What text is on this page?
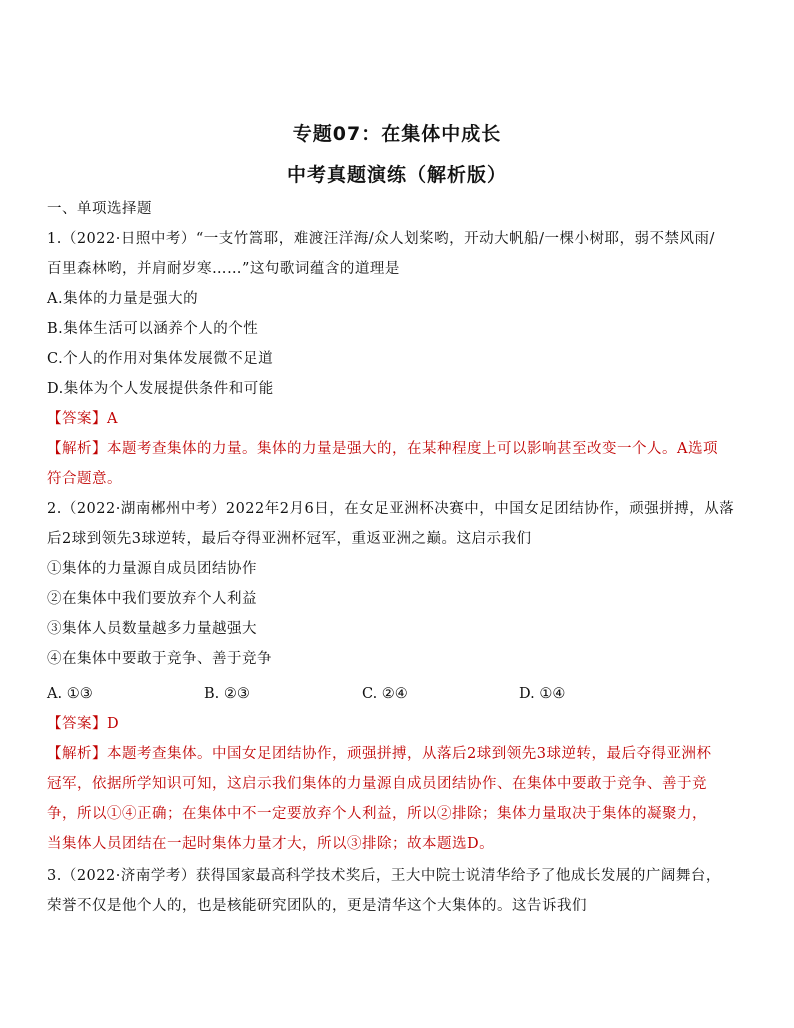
专题07：在集体中成长
中考真题演练（解析版）
一、单项选择题
1.（2022·日照中考）“一支竹篙耶，难渡汪洋海/众人划桨哟，开动大帆船/一棵小树耶，弱不禁风雨/
百里森林哟，并肩耐岁寒……”这句歌词蕴含的道理是
A.集体的力量是强大的
B.集体生活可以涵养个人的个性
C.个人的作用对集体发展微不足道
D.集体为个人发展提供条件和可能
【答案】A
【解析】本题考查集体的力量。集体的力量是强大的，在某种程度上可以影响甚至改变一个人。A选项
符合题意。
2.（2022·湖南郴州中考）2022年2月6日，在女足亚洲杯决赛中，中国女足团结协作，顽强拼搏，从落
后2球到领先3球逆转，最后夺得亚洲杯冠军，重返亚洲之巅。这启示我们
①集体的力量源自成员团结协作
②在集体中我们要放弃个人利益
③集体人员数量越多力量越强大
④在集体中要敢于竞争、善于竞争
A. ①③	B. ②③	C. ②④	D. ①④
【答案】D
【解析】本题考查集体。中国女足团结协作，顽强拼搏，从落后2球到领先3球逆转，最后夺得亚洲杯
冠军，依据所学知识可知，这启示我们集体的力量源自成员团结协作、在集体中要敢于竞争、善于竞
争，所以①④正确；在集体中不一定要放弃个人利益，所以②排除；集体力量取决于集体的凝聚力，
当集体人员团结在一起时集体力量才大，所以③排除；故本题选D。
3.（2022·济南学考）获得国家最高科学技术奖后，王大中院士说清华给予了他成长发展的广阔舞台，
荣誉不仅是他个人的，也是核能研究团队的，更是清华这个大集体的。这告诉我们
